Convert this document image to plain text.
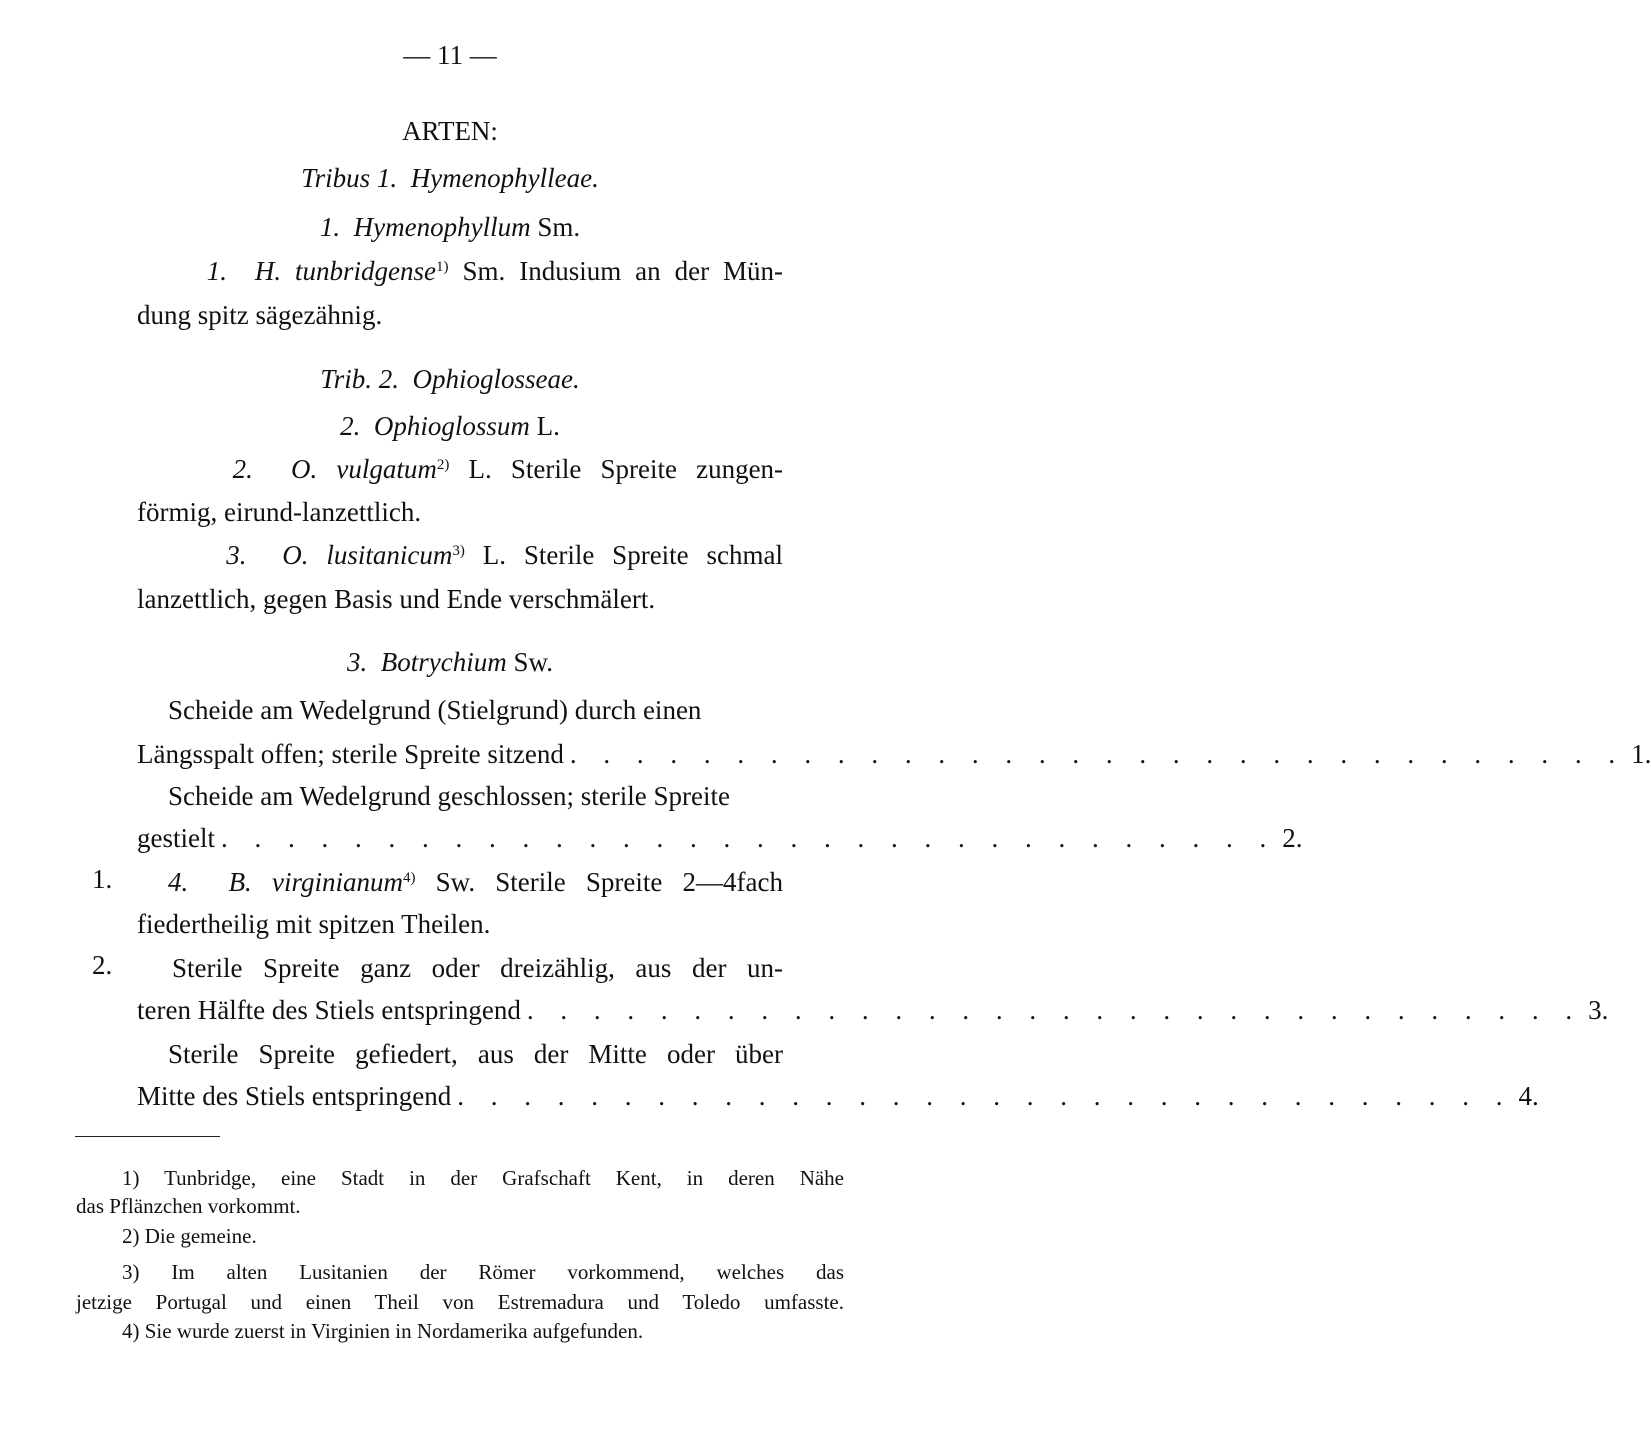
— 11 —
ARTEN:
Tribus 1. Hymenophylleae.
1. Hymenophyllum Sm.
1. H. tunbridgense$^{1)}$ Sm. Indusium an der Mün-
dung spitz sägezähnig.
Trib. 2. Ophioglosseae.
2. Ophioglossum L.
2. O. vulgatum$^{2)}$ L. Sterile Spreite zungen-
förmig, eirund-lanzettlich.
3. O. lusitanicum$^{3)}$ L. Sterile Spreite schmal
lanzettlich, gegen Basis und Ende verschmälert.
3. Botrychium Sw.
Scheide am Wedelgrund (Stielgrund) durch einen
Längsspalt offen; sterile Spreite sitzend . . . . . . . . . . . . . . . . . . . . . . . . . . . . . . . . 1.
Scheide am Wedelgrund geschlossen; sterile Spreite
gestielt . . . . . . . . . . . . . . . . . . . . . . . . . . . . . . . . 2.
1. 4. B. virginianum$^{4)}$ Sw. Sterile Spreite 2—4fach
fiedertheilig mit spitzen Theilen.
2. Sterile Spreite ganz oder dreizählig, aus der un-
teren Hälfte des Stiels entspringend . . . . . . . . . . . . . . . . . . . . . . . . . . . . . . . . 3.
Sterile Spreite gefiedert, aus der Mitte oder über
Mitte des Stiels entspringend . . . . . . . . . . . . . . . . . . . . . . . . . . . . . . . . 4.
1) Tunbridge, eine Stadt in der Grafschaft Kent, in deren Nähe
das Pflänzchen vorkommt.
2) Die gemeine.
3) Im alten Lusitanien der Römer vorkommend, welches das
jetzige Portugal und einen Theil von Estremadura und Toledo umfasste.
4) Sie wurde zuerst in Virginien in Nordamerika aufgefunden.
